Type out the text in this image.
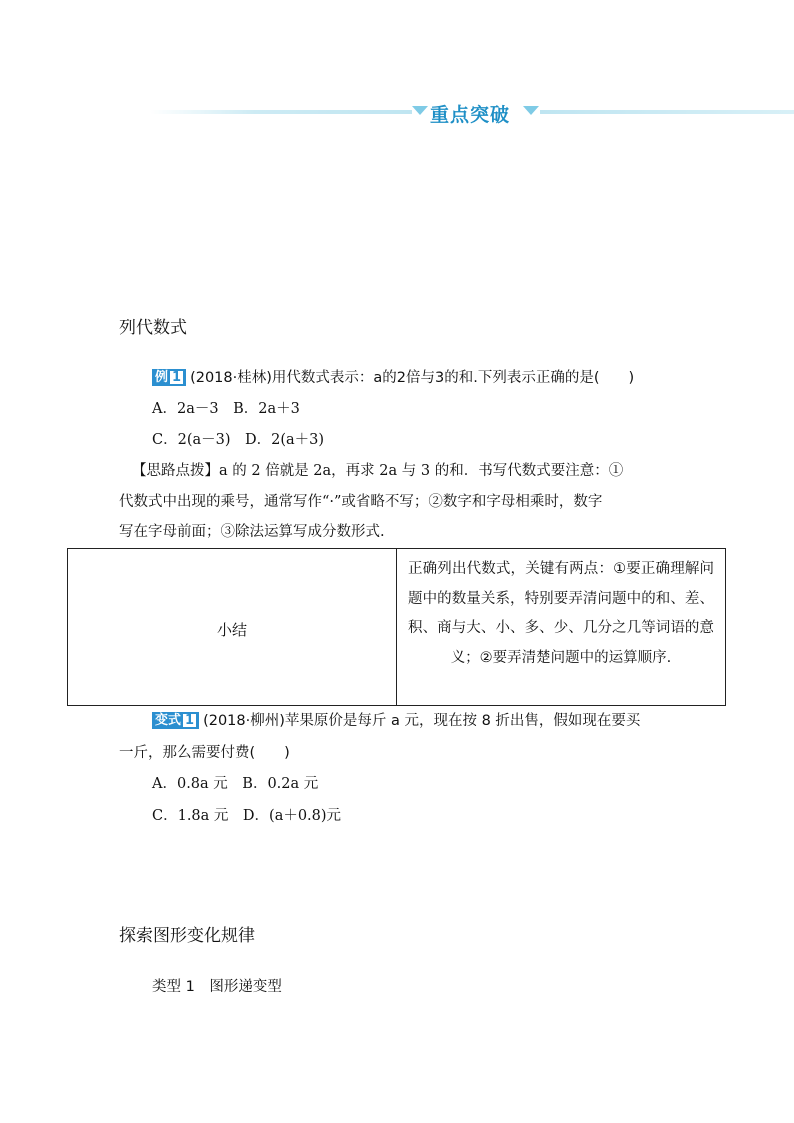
重点突破
列代数式
例 1 (2018·桂林)用代数式表示：a的2倍与3的和.下列表示正确的是(　　)
A．2a－3　B．2a＋3
C．2(a－3)　D．2(a＋3)
【思路点拨】a 的 2 倍就是 2a，再求 2a 与 3 的和．书写代数式要注意：①
代数式中出现的乘号，通常写作“·”或省略不写；②数字和字母相乘时，数字
写在字母前面；③除法运算写成分数形式.
小结
正确列出代数式，关键有两点：①要正确理解问题中的数量关系，特别要弄清问题中的和、差、积、商与大、小、多、少、几分之几等词语的意义；②要弄清楚问题中的运算顺序.
变式 1 (2018·柳州)苹果原价是每斤 a 元，现在按 8 折出售，假如现在要买
一斤，那么需要付费(　　)
A．0.8a 元　B．0.2a 元
C．1.8a 元　D．(a＋0.8)元
探索图形变化规律
类型 1　图形递变型
